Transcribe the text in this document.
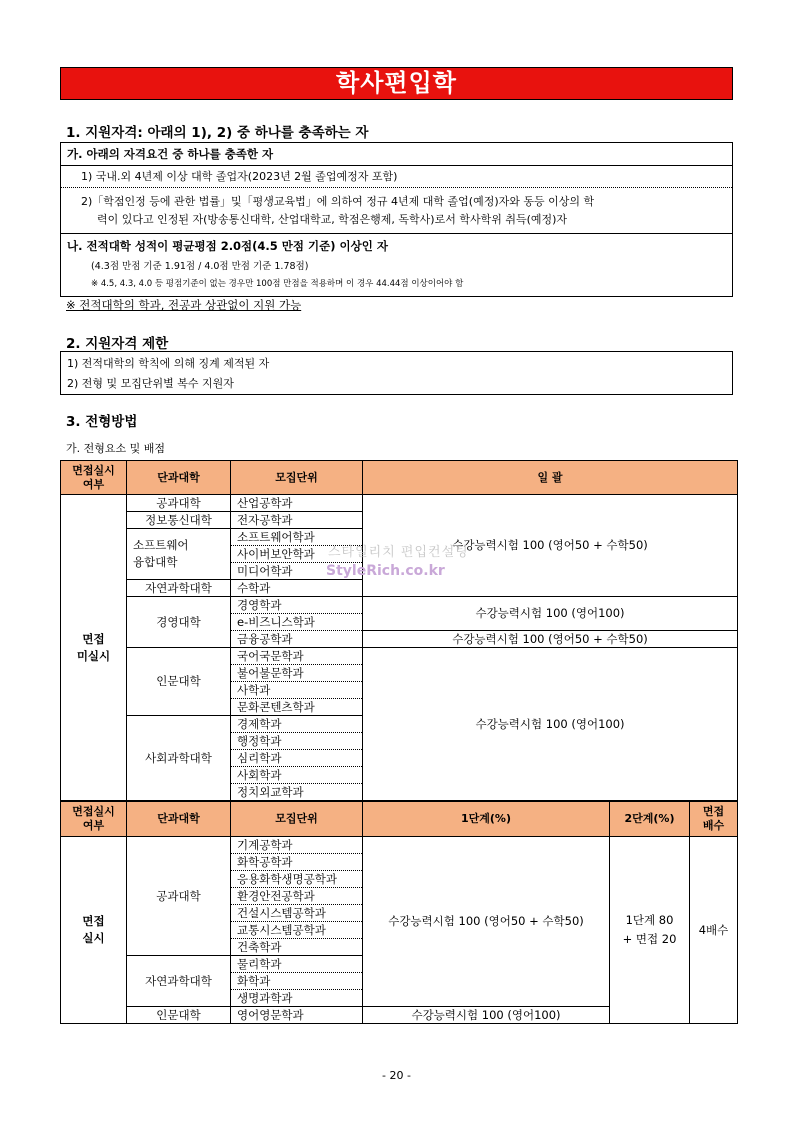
학사편입학
1. 지원자격: 아래의 1), 2) 중 하나를 충족하는 자
가. 아래의 자격요건 중 하나를 충족한 자
1) 국내.외 4년제 이상 대학 졸업자(2023년 2월 졸업예정자 포함)
2)「학점인정 등에 관한 법률」및「평생교육법」에 의하여 정규 4년제 대학 졸업(예정)자와 동등 이상의 학
력이 있다고 인정된 자(방송통신대학, 산업대학교, 학점은행제, 독학사)로서 학사학위 취득(예정)자
나. 전적대학 성적이 평균평점 2.0점(4.5 만점 기준) 이상인 자
(4.3점 만점 기준 1.91점 / 4.0점 만점 기준 1.78점)
※ 4.5, 4.3, 4.0 등 평점기준이 없는 경우만 100점 만점을 적용하며 이 경우 44.44점 이상이어야 함
※ 전적대학의 학과, 전공과 상관없이 지원 가능
2. 지원자격 제한
1) 전적대학의 학칙에 의해 징계 제적된 자
2) 전형 및 모집단위별 복수 지원자
3. 전형방법
가. 전형요소 및 배점
면접실시
여부	단과대학	모집단위	일 괄
면접
미실시	공과대학	산업공학과	수강능력시험 100 (영어50 + 수학50)
	정보통신대학	전자공학과	
	소프트웨어
융합대학	소프트웨어학과	
		사이버보안학과	
		미디어학과	
	자연과학대학	수학과	
	경영대학	경영학과	수강능력시험 100 (영어100)
		e-비즈니스학과	
		금융공학과	수강능력시험 100 (영어50 + 수학50)
	인문대학	국어국문학과	수강능력시험 100 (영어100)
		불어불문학과	
		사학과	
		문화콘텐츠학과	
	사회과학대학	경제학과	
		행정학과	
		심리학과	
		사회학과	
		정치외교학과	
면접실시
여부	단과대학	모집단위	1단계(%)	2단계(%)	면접
배수
면접
실시	공과대학	기계공학과	수강능력시험 100 (영어50 + 수학50)	1단계 80
+ 면접 20	4배수
		화학공학과			
		응용화학생명공학과			
		환경안전공학과			
		건설시스템공학과			
		교통시스템공학과			
		건축학과			
	자연과학대학	물리학과			
		화학과			
		생명과학과			
	인문대학	영어영문학과	수강능력시험 100 (영어100)		
스타일리치 편입컨설팅
StyleRich.co.kr
- 20 -
